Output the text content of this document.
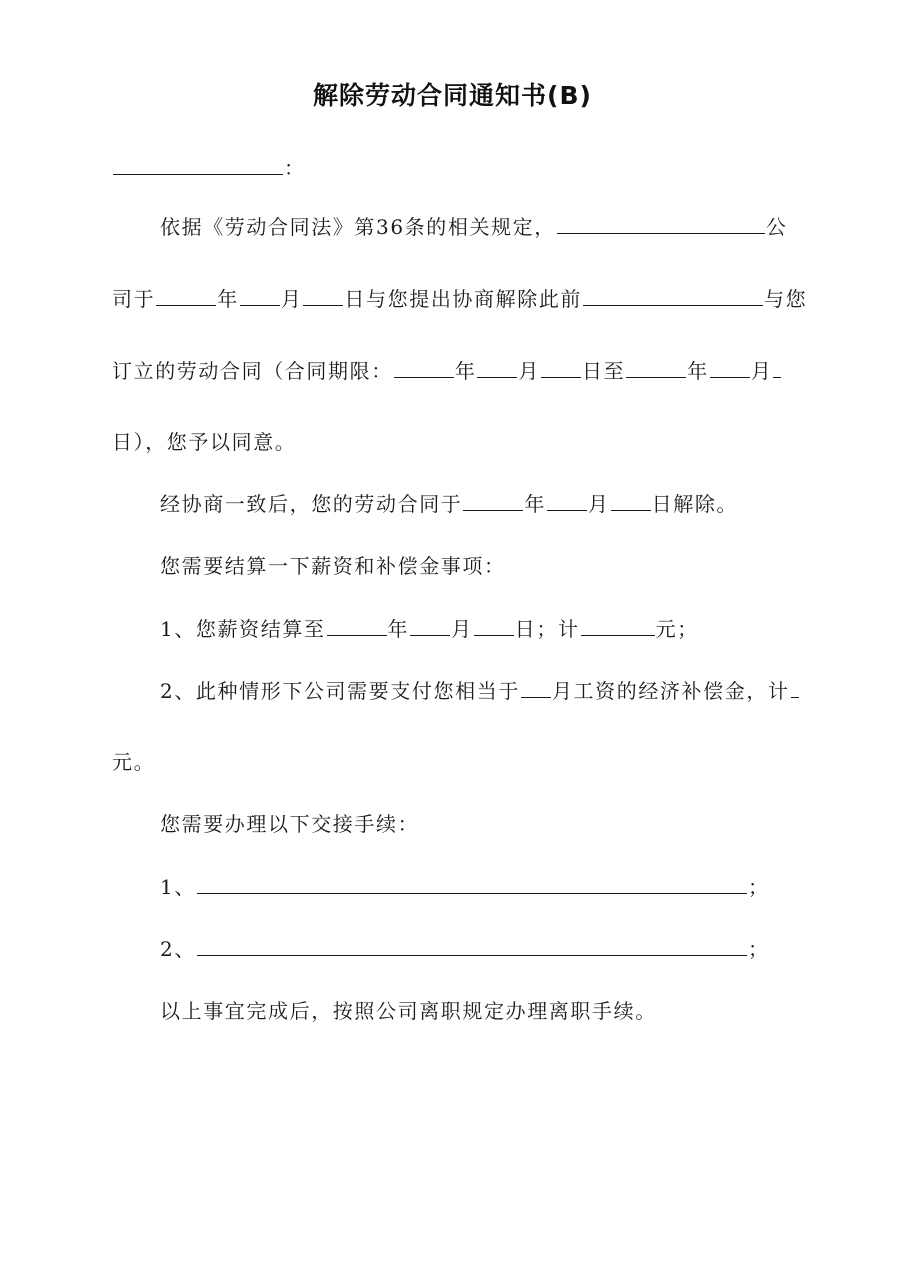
解除劳动合同通知书(B)
：
依据《劳动合同法》第36条的相关规定，	公
司于	年 月 日与您提出协商解除此前	与您
订立的劳动合同（合同期限：	年 月 日至	年 月
日），您予以同意。
经协商一致后，您的劳动合同于	年 月 日解除。
您需要结算一下薪资和补偿金事项：
1、您薪资结算至	年 月 日；计	元；
2、此种情形下公司需要支付您相当于 月工资的经济补偿金，计
元。
您需要办理以下交接手续：
1、	；
2、	；
以上事宜完成后，按照公司离职规定办理离职手续。
